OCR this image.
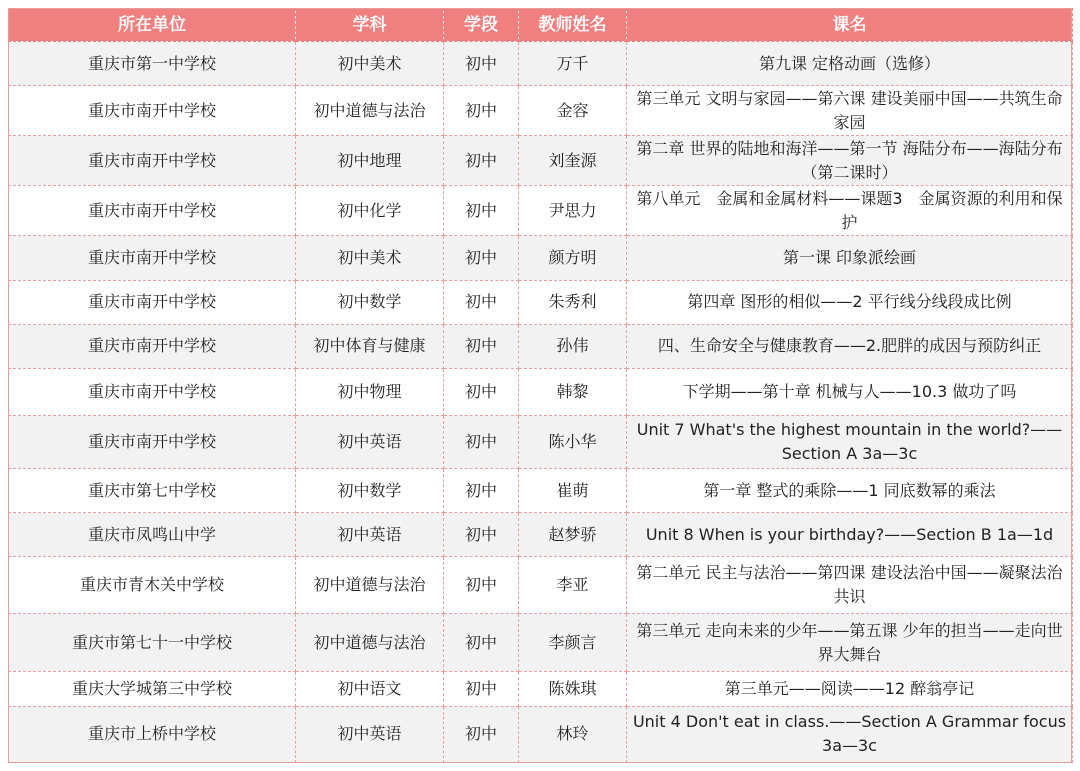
所在单位	学科	学段	教师姓名	课名
重庆市第一中学校	初中美术	初中	万千	第九课 定格动画（选修）
重庆市南开中学校	初中道德与法治	初中	金容	第三单元 文明与家园——第六课 建设美丽中国——共筑生命家园
重庆市南开中学校	初中地理	初中	刘奎源	第二章 世界的陆地和海洋——第一节 海陆分布——海陆分布（第二课时）
重庆市南开中学校	初中化学	初中	尹思力	第八单元　金属和金属材料——课题3　金属资源的利用和保护
重庆市南开中学校	初中美术	初中	颜方明	第一课 印象派绘画
重庆市南开中学校	初中数学	初中	朱秀利	第四章 图形的相似——2 平行线分线段成比例
重庆市南开中学校	初中体育与健康	初中	孙伟	四、生命安全与健康教育——2.肥胖的成因与预防纠正
重庆市南开中学校	初中物理	初中	韩黎	下学期——第十章 机械与人——10.3 做功了吗
重庆市南开中学校	初中英语	初中	陈小华	Unit 7 What's the highest mountain in the world?——Section A 3a—3c
重庆市第七中学校	初中数学	初中	崔萌	第一章 整式的乘除——1 同底数幂的乘法
重庆市凤鸣山中学	初中英语	初中	赵梦骄	Unit 8 When is your birthday?——Section B 1a—1d
重庆市青木关中学校	初中道德与法治	初中	李亚	第二单元 民主与法治——第四课 建设法治中国——凝聚法治共识
重庆市第七十一中学校	初中道德与法治	初中	李颜言	第三单元 走向未来的少年——第五课 少年的担当——走向世界大舞台
重庆大学城第三中学校	初中语文	初中	陈姝琪	第三单元——阅读——12 醉翁亭记
重庆市上桥中学校	初中英语	初中	林玲	Unit 4 Don't eat in class.——Section A Grammar focus 3a—3c
